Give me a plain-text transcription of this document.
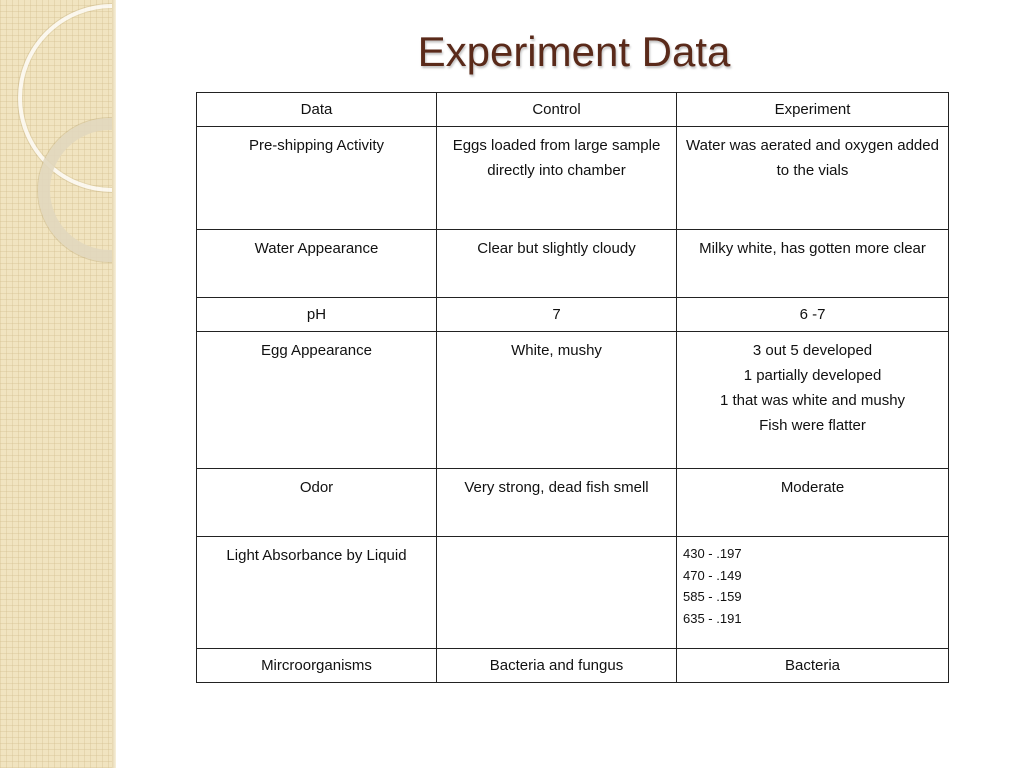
Experiment Data
Data	Control	Experiment
Pre-shipping Activity	Eggs loaded from large sample directly into chamber	Water was aerated and oxygen added to the vials
Water Appearance	Clear but slightly cloudy	Milky white, has gotten more clear
pH	7	6 -7
Egg Appearance	White, mushy	3 out 5 developed
1 partially developed
1 that was white and mushy
Fish were flatter

Odor	Very strong, dead fish smell	Moderate
Light Absorbance by Liquid		430 - .197
470 - .149
585 - .159
635 - .191

Mircroorganisms	Bacteria and fungus	Bacteria
